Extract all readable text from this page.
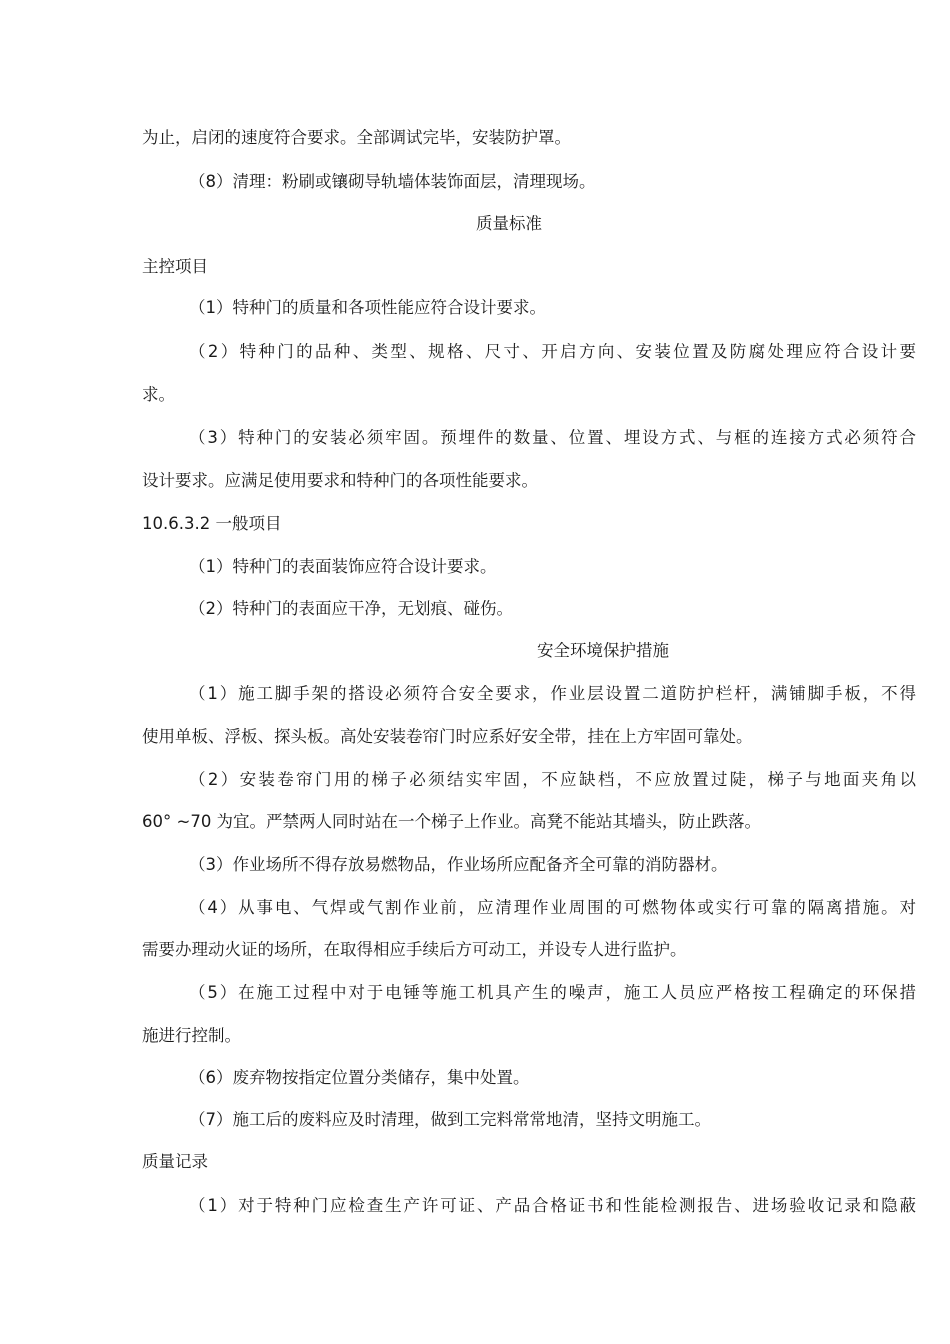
为止，启闭的速度符合要求。全部调试完毕，安装防护罩。

（8）清理：粉刷或镶砌导轨墙体装饰面层，清理现场。

质量标准

主控项目

（1）特种门的质量和各项性能应符合设计要求。

（2）特种门的品种、类型、规格、尺寸、开启方向、安装位置及防腐处理应符合设计要

求。

（3）特种门的安装必须牢固。预埋件的数量、位置、埋设方式、与框的连接方式必须符合

设计要求。应满足使用要求和特种门的各项性能要求。

10.6.3.2 一般项目

（1）特种门的表面装饰应符合设计要求。

（2）特种门的表面应干净，无划痕、碰伤。

安全环境保护措施

（1）施工脚手架的搭设必须符合安全要求，作业层设置二道防护栏杆，满铺脚手板，不得

使用单板、浮板、探头板。高处安装卷帘门时应系好安全带，挂在上方牢固可靠处。

（2）安装卷帘门用的梯子必须结实牢固，不应缺档，不应放置过陡，梯子与地面夹角以

60° ~70 为宜。严禁两人同时站在一个梯子上作业。高凳不能站其墙头，防止跌落。

（3）作业场所不得存放易燃物品，作业场所应配备齐全可靠的消防器材。

（4）从事电、气焊或气割作业前，应清理作业周围的可燃物体或实行可靠的隔离措施。对

需要办理动火证的场所，在取得相应手续后方可动工，并设专人进行监护。

（5）在施工过程中对于电锤等施工机具产生的噪声，施工人员应严格按工程确定的环保措

施进行控制。

（6）废弃物按指定位置分类储存，集中处置。

（7）施工后的废料应及时清理，做到工完料常常地清，坚持文明施工。

质量记录

（1）对于特种门应检查生产许可证、产品合格证书和性能检测报告、进场验收记录和隐蔽
